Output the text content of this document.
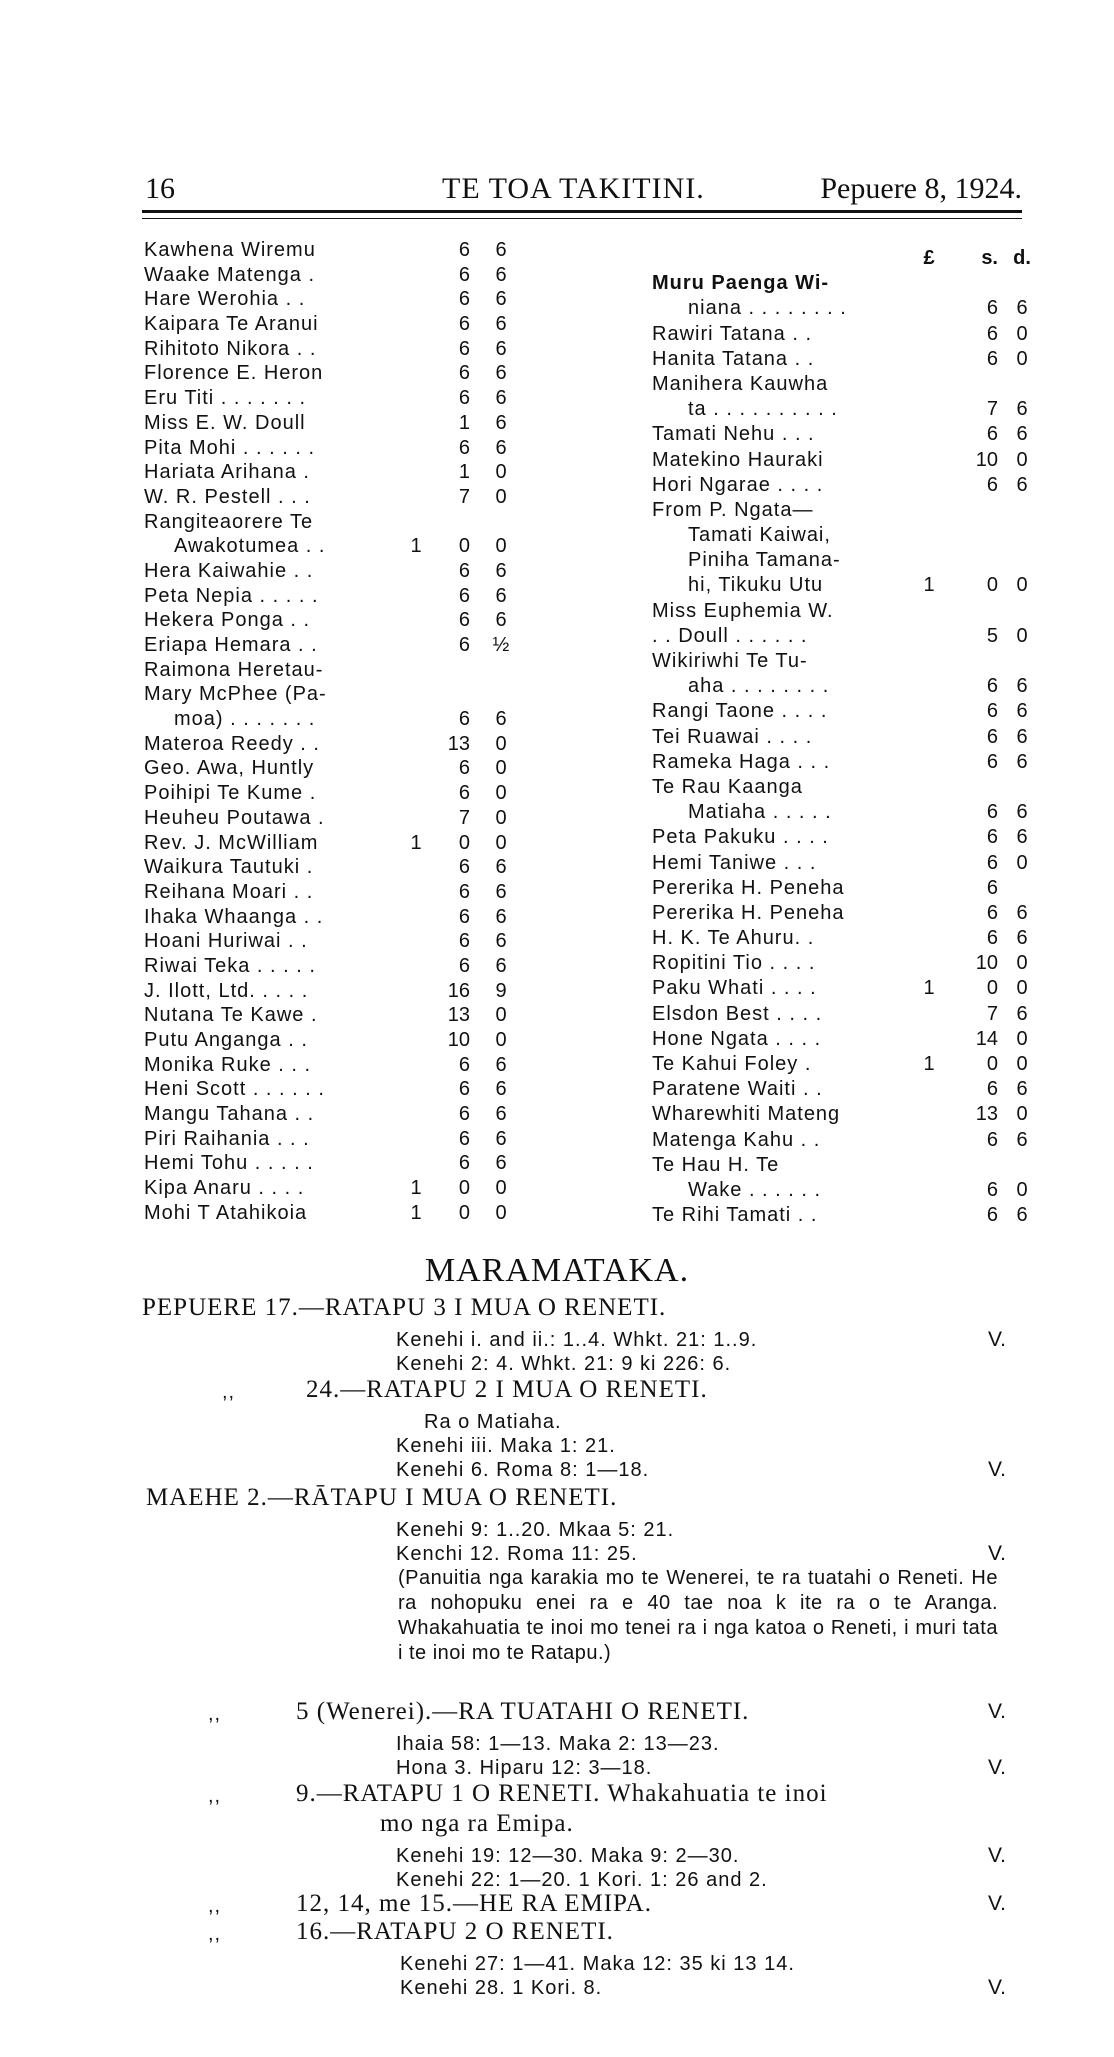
16	TE TOA TAKITINI.	Pepuere 8, 1924.
Kawhena Wiremu	6	6
Waake Matenga .	6	6
Hare Werohia . .	6	6
Kaipara Te Aranui	6	6
Rihitoto Nikora . .	6	6
Florence E. Heron	6	6
Eru Titi . . . . . . .	6	6
Miss E. W. Doull	1	6
Pita Mohi . . . . . .	6	6
Hariata Arihana .	1	0
W. R. Pestell . . .	7	0
Rangiteaorere Te
Awakotumea . .	1	0	0
Hera Kaiwahie . .	6	6
Peta Nepia . . . . .	6	6
Hekera Ponga . .	6	6
Eriapa Hemara . .	6	½
Raimona Heretau-
Mary McPhee (Pa-
moa) . . . . . . .	6	6
Materoa Reedy . .	13	0
Geo. Awa, Huntly	6	0
Poihipi Te Kume .	6	0
Heuheu Poutawa .	7	0
Rev. J. McWilliam	1	0	0
Waikura Tautuki .	6	6
Reihana Moari . .	6	6
Ihaka Whaanga . .	6	6
Hoani Huriwai . .	6	6
Riwai Teka . . . . .	6	6
J. Ilott, Ltd. . . . .	16	9
Nutana Te Kawe .	13	0
Putu Anganga . .	10	0
Monika Ruke . . .	6	6
Heni Scott . . . . . .	6	6
Mangu Tahana . .	6	6
Piri Raihania . . .	6	6
Hemi Tohu . . . . .	6	6
Kipa Anaru . . . .	1	0	0
Mohi T Atahikoia	1	0	0
£	s. d.
Muru Paenga Wi-
niana . . . . . . . .	6 6
Rawiri Tatana . .	6 0
Hanita Tatana . .	6 0
Manihera Kauwha
ta . . . . . . . . . .	7 6
Tamati Nehu . . .	6 6
Matekino Hauraki	10 0
Hori Ngarae . . . .	6 6
From P. Ngata—
Tamati Kaiwai,
Piniha Tamana-
hi, Tikuku Utu	1	0 0
Miss Euphemia W.
. . Doull . . . . . .	5 0
Wikiriwhi Te Tu-
aha . . . . . . . .	6 6
Rangi Taone . . . .	6 6
Tei Ruawai . . . .	6 6
Rameka Haga . . .	6 6
Te Rau Kaanga
Matiaha . . . . .	6 6
Peta Pakuku . . . .	6 6
Hemi Taniwe . . .	6 0
Pererika H. Peneha	6
Pererika H. Peneha	6 6
H. K. Te Ahuru. .	6 6
Ropitini Tio . . . .	10 0
Paku Whati . . . .	1	0 0
Elsdon Best . . . .	7 6
Hone Ngata . . . .	14 0
Te Kahui Foley .	1	0 0
Paratene Waiti . .	6 6
Wharewhiti Mateng	13 0
Matenga Kahu . .	6 6
Te Hau H. Te
Wake . . . . . .	6 0
Te Rihi Tamati . .	6 6
MARAMATAKA.
(Panuitia nga karakia mo te Wenerei, te ra tuatahi o Reneti. He ra nohopuku enei ra e 40 tae noa k ite ra o te Aranga. Whakahuatia te inoi mo tenei ra i nga katoa o Reneti, i muri tata i te inoi mo te Ratapu.)
PEPUERE 17.—RATAPU 3 I MUA O RENETI.
Kenehi i. and ii.: 1..4. Whkt. 21: 1..9.	V.
Kenehi 2: 4. Whkt. 21: 9 ki 226: 6.
,,	24.—RATAPU 2 I MUA O RENETI.
Ra o Matiaha.
Kenehi iii. Maka 1: 21.
Kenehi 6. Roma 8: 1—18.	V.
MAEHE 2.—RĀTAPU I MUA O RENETI.
Kenehi 9: 1..20. Mkaa 5: 21.
Kenchi 12. Roma 11: 25.	V.
,,	5 (Wenerei).—RA TUATAHI O RENETI.	V.
Ihaia 58: 1—13. Maka 2: 13—23.
Hona 3. Hiparu 12: 3—18.	V.
,,	9.—RATAPU 1 O RENETI. Whakahuatia te inoi
mo nga ra Emipa.
Kenehi 19: 12—30. Maka 9: 2—30.	V.
Kenehi 22: 1—20. 1 Kori. 1: 26 and 2.
,,	12, 14, me 15.—HE RA EMIPA.	V.
,,	16.—RATAPU 2 O RENETI.
Kenehi 27: 1—41. Maka 12: 35 ki 13 14.
Kenehi 28. 1 Kori. 8.	V.
